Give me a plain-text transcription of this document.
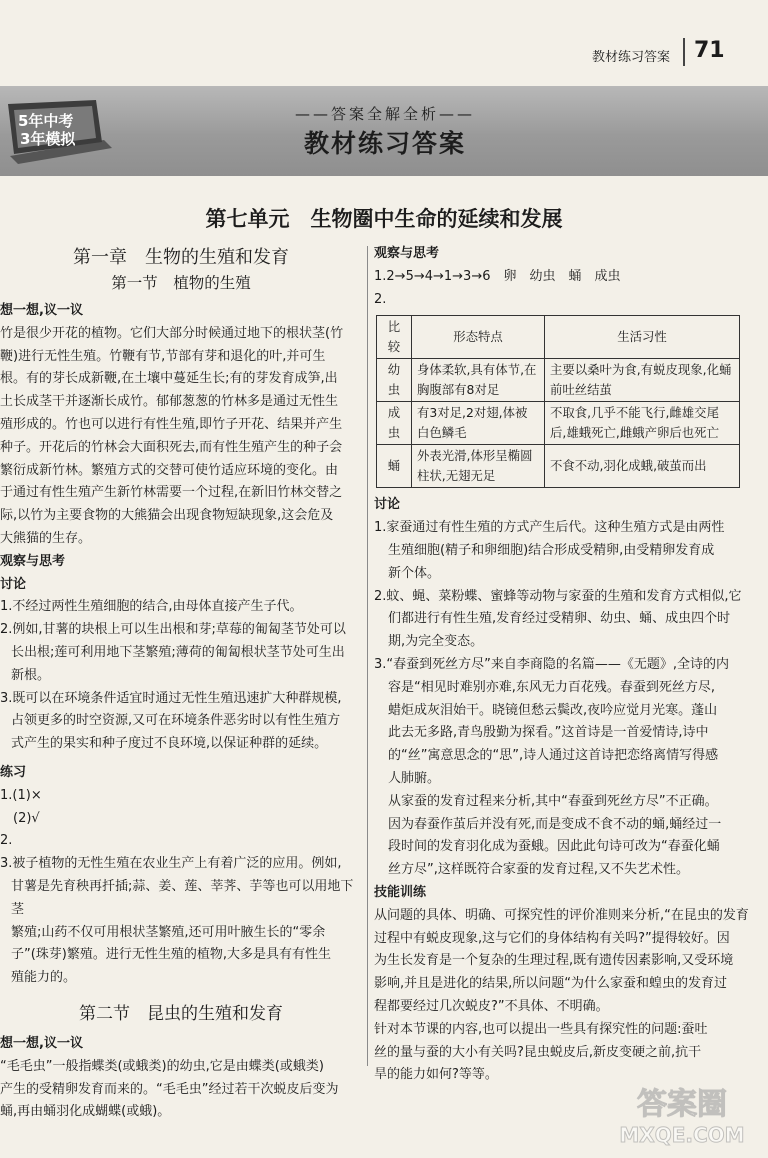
教材练习答案 71
5年中考
3年模拟
——答案全解全析——
教材练习答案
第七单元　生物圈中生命的延续和发展
第一章　生物的生殖和发育
第一节　植物的生殖
想一想,议一议
竹是很少开花的植物。它们大部分时候通过地下的根状茎(竹
鞭)进行无性生殖。竹鞭有节,节部有芽和退化的叶,并可生
根。有的芽长成新鞭,在土壤中蔓延生长;有的芽发育成笋,出
土长成茎干并逐渐长成竹。郁郁葱葱的竹林多是通过无性生
殖形成的。竹也可以进行有性生殖,即竹子开花、结果并产生
种子。开花后的竹林会大面积死去,而有性生殖产生的种子会
繁衍成新竹林。繁殖方式的交替可使竹适应环境的变化。由
于通过有性生殖产生新竹林需要一个过程,在新旧竹林交替之
际,以竹为主要食物的大熊猫会出现食物短缺现象,这会危及
大熊猫的生存。
观察与思考
讨论
1.不经过两性生殖细胞的结合,由母体直接产生子代。
2.例如,甘薯的块根上可以生出根和芽;草莓的匍匐茎节处可以
长出根;莲可利用地下茎繁殖;薄荷的匍匐根状茎节处可生出
新根。
3.既可以在环境条件适宜时通过无性生殖迅速扩大种群规模,
占领更多的时空资源,又可在环境条件恶劣时以有性生殖方
式产生的果实和种子度过不良环境,以保证种群的延续。
练习
1.(1)×
　(2)√
2.
3.被子植物的无性生殖在农业生产上有着广泛的应用。例如,
甘薯是先育秧再扦插;蒜、姜、莲、莘荠、芋等也可以用地下茎
繁殖;山药不仅可用根状茎繁殖,还可用叶腋生长的“零余
子”(珠芽)繁殖。进行无性生殖的植物,大多是具有有性生
殖能力的。
第二节　昆虫的生殖和发育
想一想,议一议
“毛毛虫”一般指蝶类(或蛾类)的幼虫,它是由蝶类(或蛾类)
产生的受精卵发育而来的。“毛毛虫”经过若干次蜕皮后变为
蛹,再由蛹羽化成蝴蝶(或蛾)。
观察与思考
1.2→5→4→1→3→6　卵　幼虫　蛹　成虫
2.
比较	形态特点	生活习性
幼虫	身体柔软,具有体节,在胸腹部有8对足	主要以桑叶为食,有蜕皮现象,化蛹前吐丝结茧
成虫	有3对足,2对翅,体被白色鳞毛	不取食,几乎不能飞行,雌雄交尾后,雄蛾死亡,雌蛾产卵后也死亡
蛹	外表光滑,体形呈椭圆柱状,无翅无足	不食不动,羽化成蛾,破茧而出
讨论
1.家蚕通过有性生殖的方式产生后代。这种生殖方式是由两性
生殖细胞(精子和卵细胞)结合形成受精卵,由受精卵发育成
新个体。
2.蚊、蝇、菜粉蝶、蜜蜂等动物与家蚕的生殖和发育方式相似,它
们都进行有性生殖,发育经过受精卵、幼虫、蛹、成虫四个时
期,为完全变态。
3.“春蚕到死丝方尽”来自李商隐的名篇——《无题》,全诗的内
容是“相见时难别亦难,东风无力百花残。春蚕到死丝方尽,
蜡炬成灰泪始干。晓镜但愁云鬓改,夜吟应觉月光寒。蓬山
此去无多路,青鸟殷勤为探看。”这首诗是一首爱情诗,诗中
的“丝”寓意思念的“思”,诗人通过这首诗把恋络离情写得感
人肺腑。
从家蚕的发育过程来分析,其中“春蚕到死丝方尽”不正确。
因为春蚕作茧后并没有死,而是变成不食不动的蛹,蛹经过一
段时间的发育羽化成为蚕蛾。因此此句诗可改为“春蚕化蛹
丝方尽”,这样既符合家蚕的发育过程,又不失艺术性。
技能训练
从问题的具体、明确、可探究性的评价准则来分析,“在昆虫的发育
过程中有蜕皮现象,这与它们的身体结构有关吗?”提得较好。因
为生长发育是一个复杂的生理过程,既有遗传因素影响,又受环境
影响,并且是进化的结果,所以问题“为什么家蚕和蝗虫的发育过
程都要经过几次蜕皮?”不具体、不明确。
针对本节课的内容,也可以提出一些具有探究性的问题:蚕吐
丝的量与蚕的大小有关吗?昆虫蜕皮后,新皮变硬之前,抗干
旱的能力如何?等等。
答案圈
MXQE.COM
